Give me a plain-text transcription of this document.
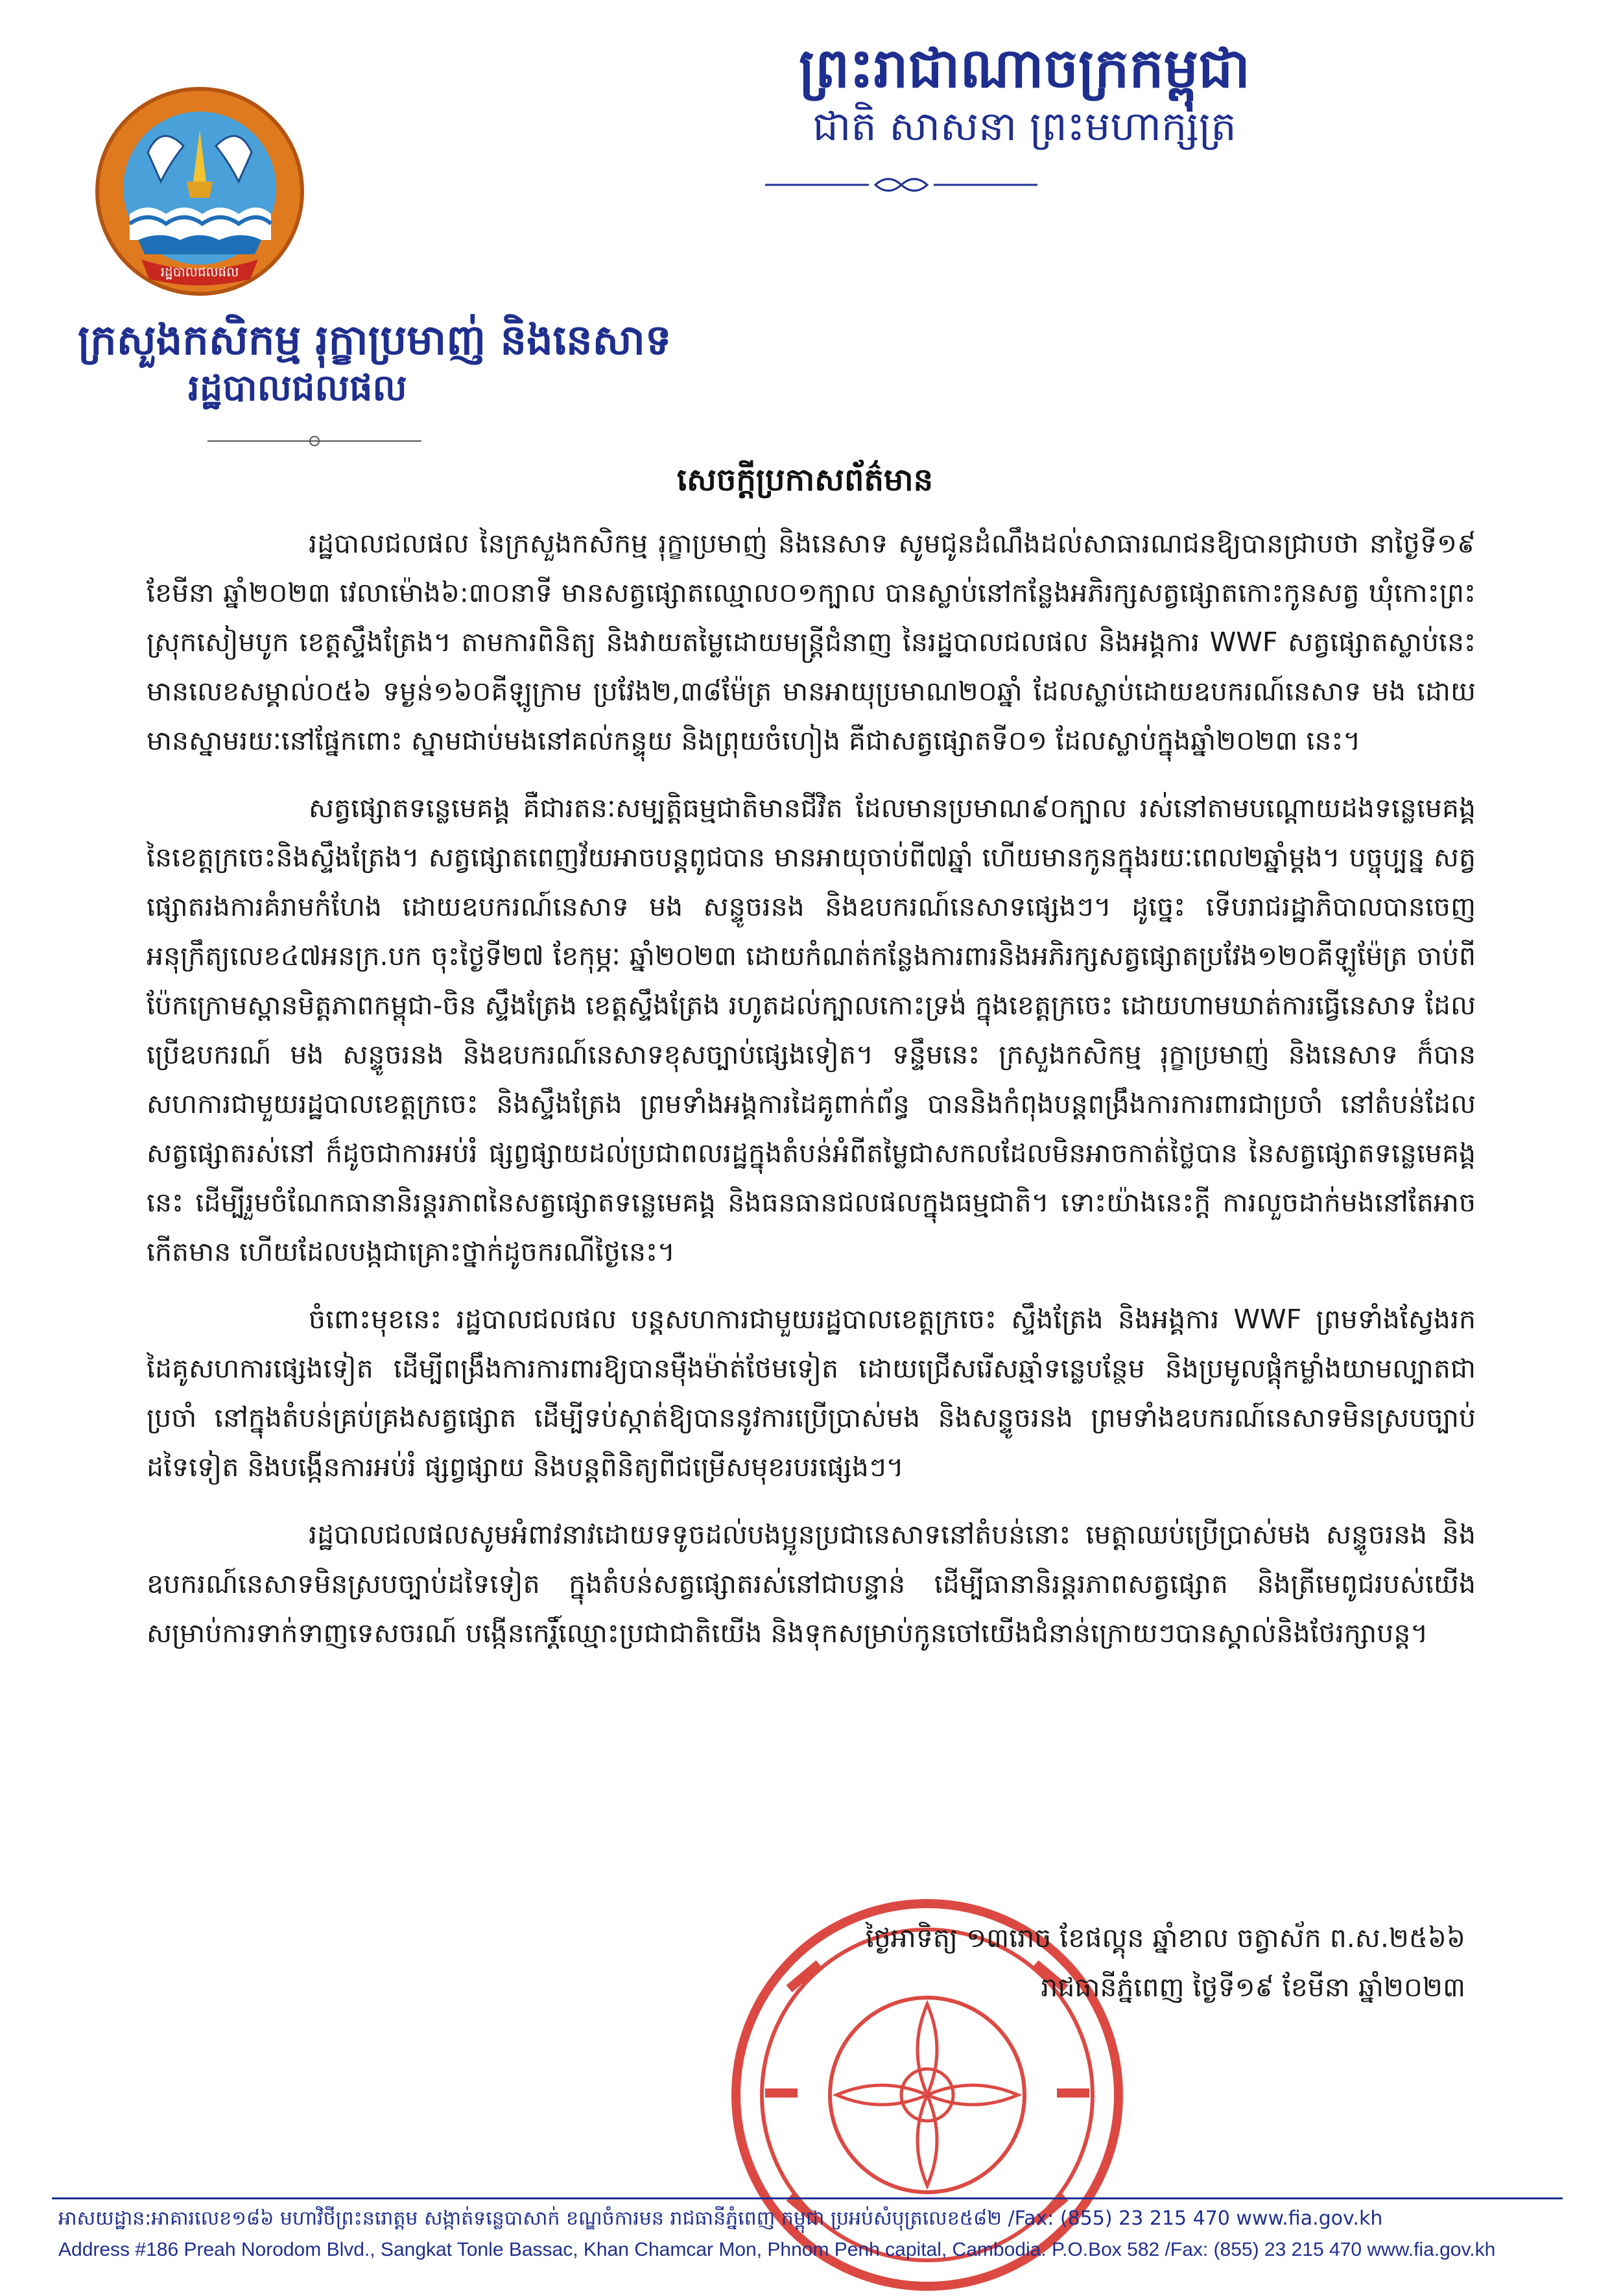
រដ្ឋបាលជលផល
ក្រសួងកសិកម្ម រុក្ខាប្រមាញ់ និងនេសាទ
រដ្ឋបាលជលផល
ព្រះរាជាណាចក្រកម្ពុជា
ជាតិ សាសនា ព្រះមហាក្សត្រ
សេចក្តីប្រកាសព័ត៌មាន

រដ្ឋបាលជលផល នៃក្រសួងកសិកម្ម រុក្ខាប្រមាញ់ និងនេសាទ សូមជូនដំណឹងដល់សាធារណជនឱ្យបានជ្រាបថា នាថ្ងៃទី១៩ ខែមីនា ឆ្នាំ២០២៣ វេលាម៉ោង៦:៣០នាទី មានសត្វផ្សោតឈ្មោល០១ក្បាល បានស្លាប់នៅកន្លែងអភិរក្សសត្វផ្សោតកោះកូនសត្វ ឃុំកោះព្រះ ស្រុកសៀមបូក ខេត្តស្ទឹងត្រែង។ តាមការពិនិត្យ និងវាយតម្លៃដោយមន្ត្រីជំនាញ នៃរដ្ឋបាលជលផល និងអង្គការ WWF សត្វផ្សោតស្លាប់នេះ មានលេខសម្គាល់០៥៦ ទម្ងន់១៦០គីឡូក្រាម ប្រវែង២,៣៨ម៉ែត្រ មានអាយុប្រមាណ២០ឆ្នាំ ដែលស្លាប់ដោយឧបករណ៍នេសាទ មង ដោយមានស្នាមរយៈនៅផ្នែកពោះ ស្នាមជាប់មងនៅគល់កន្ទុយ និងព្រុយចំហៀង គឺជាសត្វផ្សោតទី០១ ដែលស្លាប់ក្នុងឆ្នាំ២០២៣ នេះ។

សត្វផ្សោតទន្លេមេគង្គ គឺជារតនៈសម្បត្តិធម្មជាតិមានជីវិត ដែលមានប្រមាណ៩០ក្បាល រស់នៅតាមបណ្តោយដងទន្លេមេគង្គ នៃខេត្តក្រចេះនិងស្ទឹងត្រែង។ សត្វផ្សោតពេញវ័យអាចបន្តពូជបាន មានអាយុចាប់ពី៧ឆ្នាំ ហើយមានកូនក្នុងរយៈពេល២ឆ្នាំម្តង។ បច្ចុប្បន្ន សត្វផ្សោតរងការគំរាមកំហែង ដោយឧបករណ៍នេសាទ មង សន្ទូចរនង និងឧបករណ៍នេសាទផ្សេងៗ។ ដូច្នេះ ទើបរាជរដ្ឋាភិបាលបានចេញអនុក្រឹត្យលេខ៤៧អនក្រ.បក ចុះថ្ងៃទី២៧ ខែកុម្ភៈ ឆ្នាំ២០២៣ ដោយកំណត់កន្លែងការពារនិងអភិរក្សសត្វផ្សោតប្រវែង១២០គីឡូម៉ែត្រ ចាប់ពីប៉ែកក្រោមស្ពានមិត្តភាពកម្ពុជា-ចិន ស្ទឹងត្រែង ខេត្តស្ទឹងត្រែង រហូតដល់ក្បាលកោះទ្រង់ ក្នុងខេត្តក្រចេះ ដោយហាមឃាត់ការធ្វើនេសាទ ដែលប្រើឧបករណ៍ មង សន្ទូចរនង និងឧបករណ៍នេសាទខុសច្បាប់ផ្សេងទៀត។ ទន្ទឹមនេះ ក្រសួងកសិកម្ម រុក្ខាប្រមាញ់ និងនេសាទ ក៏បានសហការជាមួយរដ្ឋបាលខេត្តក្រចេះ និងស្ទឹងត្រែង ព្រមទាំងអង្គការដៃគូពាក់ព័ន្ធ បាននិងកំពុងបន្តពង្រឹងការការពារជាប្រចាំ នៅតំបន់ដែលសត្វផ្សោតរស់នៅ ក៏ដូចជាការអប់រំ ផ្សព្វផ្សាយដល់ប្រជាពលរដ្ឋក្នុងតំបន់អំពីតម្លៃជាសកលដែលមិនអាចកាត់ថ្លៃបាន នៃសត្វផ្សោតទន្លេមេគង្គនេះ ដើម្បីរួមចំណែកធានានិរន្តរភាពនៃសត្វផ្សោតទន្លេមេគង្គ និងធនធានជលផលក្នុងធម្មជាតិ។ ទោះយ៉ាងនេះក្តី ការលួចដាក់មងនៅតែអាចកើតមាន ហើយដែលបង្កជាគ្រោះថ្នាក់ដូចករណីថ្ងៃនេះ។

ចំពោះមុខនេះ រដ្ឋបាលជលផល បន្តសហការជាមួយរដ្ឋបាលខេត្តក្រចេះ ស្ទឹងត្រែង និងអង្គការ WWF ព្រមទាំងស្វែងរកដៃគូសហការផ្សេងទៀត ដើម្បីពង្រឹងការការពារឱ្យបានម៉ឺងម៉ាត់ថែមទៀត ដោយជ្រើសរើសឆ្មាំទន្លេបន្ថែម និងប្រមូលផ្តុំកម្លាំងយាមល្បាតជាប្រចាំ នៅក្នុងតំបន់គ្រប់គ្រងសត្វផ្សោត ដើម្បីទប់ស្កាត់ឱ្យបាននូវការប្រើប្រាស់មង និងសន្ទូចរនង ព្រមទាំងឧបករណ៍នេសាទមិនស្របច្បាប់ដទៃទៀត និងបង្កើនការអប់រំ ផ្សព្វផ្សាយ និងបន្តពិនិត្យពីជម្រើសមុខរបរផ្សេងៗ។

រដ្ឋបាលជលផលសូមអំពាវនាវដោយទទូចដល់បងប្អូនប្រជានេសាទនៅតំបន់នោះ មេត្តាឈប់ប្រើប្រាស់មង សន្ទូចរនង និងឧបករណ៍នេសាទមិនស្របច្បាប់ដទៃទៀត ក្នុងតំបន់សត្វផ្សោតរស់នៅជាបន្ទាន់ ដើម្បីធានានិរន្តរភាពសត្វផ្សោត និងត្រីមេពូជរបស់យើង សម្រាប់ការទាក់ទាញទេសចរណ៍ បង្កើនកេរ្តិ៍ឈ្មោះប្រជាជាតិយើង និងទុកសម្រាប់កូនចៅយើងជំនាន់ក្រោយៗបានស្គាល់និងថែរក្សាបន្ត។

ថ្ងៃអាទិត្យ ១៣រោច ខែផល្គុន ឆ្នាំខាល ចត្វាស័ក ព.ស.២៥៦៦
រាជធានីភ្នំពេញ ថ្ងៃទី១៩ ខែមីនា ឆ្នាំ២០២៣
អាសយដ្ឋាន:អាគារលេខ១៨៦ មហាវិថីព្រះនរោត្តម សង្កាត់ទន្លេបាសាក់ ខណ្ឌចំការមន រាជធានីភ្នំពេញ កម្ពុជា ប្រអប់សំបុត្រលេខ៥៨២ /Fax: (855) 23 215 470 www.fia.gov.kh
Address #186 Preah Norodom Blvd., Sangkat Tonle Bassac, Khan Chamcar Mon, Phnom Penh capital, Cambodia. P.O.Box 582 /Fax: (855) 23 215 470 www.fia.gov.kh
